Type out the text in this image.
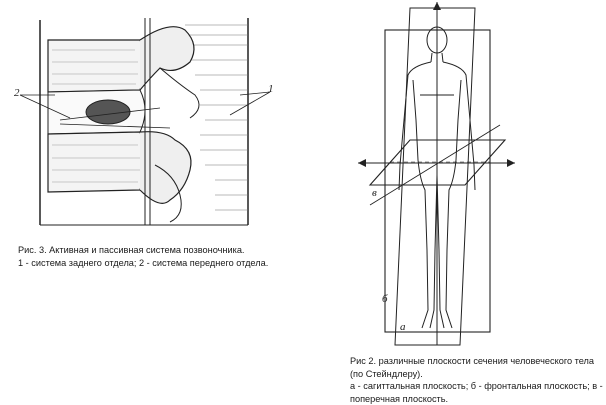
2	1
Рис. 3. Активная и пассивная система позвоночника.
1 - система заднего отдела; 2 - система переднего отдела.
в
б
а
Рис 2. различные плоскости сечения человеческого тела
(по Стейндлеру).
а - сагиттальная плоскость; б - фронтальная плоскость; в -
поперечная плоскость.
